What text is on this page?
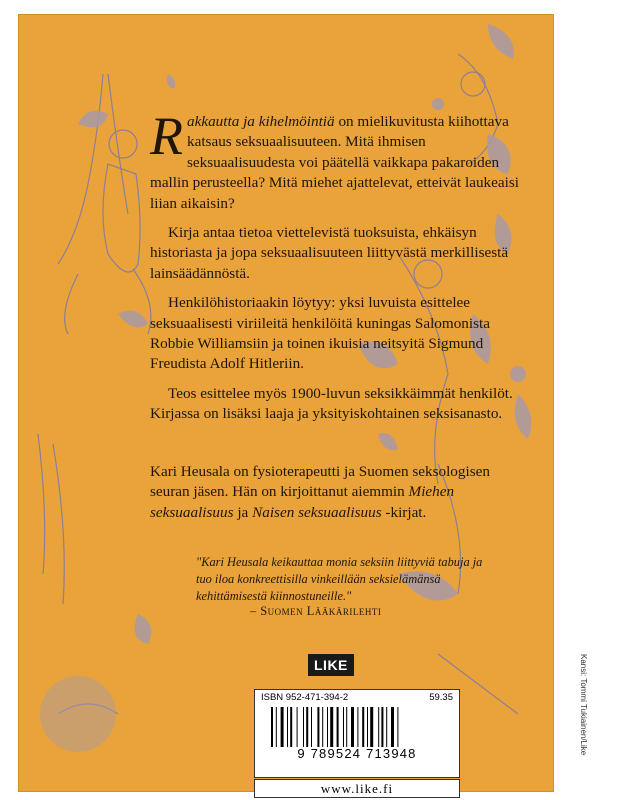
Rakkautta ja kihelmöintiä on mielikuvitusta kiihottava katsaus seksuaalisuuteen. Mitä ihmisen seksuaalisuudesta voi päätellä vaikkapa pakaroiden mallin perusteella? Mitä miehet ajattelevat, etteivät laukeaisi liian aikaisin?

Kirja antaa tietoa viettelevistä tuoksuista, ehkäisyn historiasta ja jopa seksuaalisuuteen liittyvästä merkillisestä lainsäädännöstä.

Henkilöhistoriaakin löytyy: yksi luvuista esittelee seksuaalisesti viriileitä henkilöitä kuningas Salomonista Robbie Williamsiin ja toinen ikuisia neitsyitä Sigmund Freudista Adolf Hitleriin.

Teos esittelee myös 1900-luvun seksikkäimmät henkilöt. Kirjassa on lisäksi laaja ja yksityiskohtainen seksisanasto.

Kari Heusala on fysioterapeutti ja Suomen seksologisen seuran jäsen. Hän on kirjoittanut aiemmin Miehen seksuaalisuus ja Naisen seksuaalisuus -kirjat.

"Kari Heusala keikauttaa monia seksiin liittyviä tabuja ja tuo iloa konkreettisilla vinkeillään seksielämänsä kehittämisestä kiinnostuneille."

– Suomen Lääkärilehti
LIKE
ISBN 952-471-394-2	59.35
9 789524 713948
www.like.fi
Kansi: Tommi Tukiainen/Like
